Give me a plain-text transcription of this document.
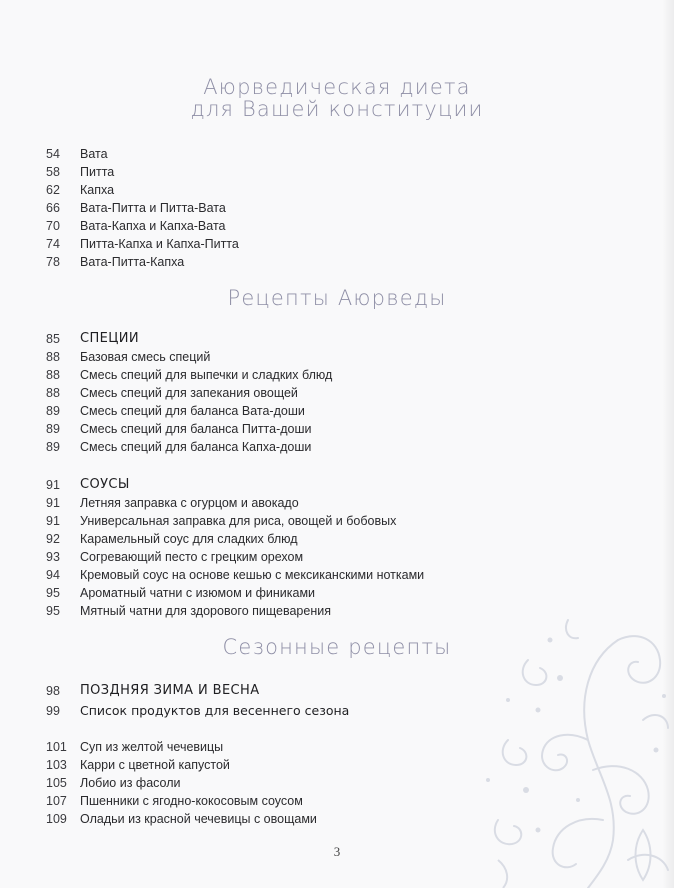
Аюрведическая диета
для Вашей конституции
54	Вата
58	Питта
62	Капха
66	Вата-Питта и Питта-Вата
70	Вата-Капха и Капха-Вата
74	Питта-Капха и Капха-Питта
78	Вата-Питта-Капха
Рецепты Аюрведы
85	СПЕЦИИ
88	Базовая смесь специй
88	Смесь специй для выпечки и сладких блюд
88	Смесь специй для запекания овощей
89	Смесь специй для баланса Вата-доши
89	Смесь специй для баланса Питта-доши
89	Смесь специй для баланса Капха-доши
91	СОУСЫ
91	Летняя заправка с огурцом и авокадо
91	Универсальная заправка для риса, овощей и бобовых
92	Карамельный соус для сладких блюд
93	Согревающий песто с грецким орехом
94	Кремовый соус на основе кешью с мексиканскими нотками
95	Ароматный чатни с изюмом и финиками
95	Мятный чатни для здорового пищеварения
Сезонные рецепты
98	ПОЗДНЯЯ ЗИМА И ВЕСНА
99	Список продуктов для весеннего сезона
101	Суп из желтой чечевицы
103	Карри с цветной капустой
105	Лобио из фасоли
107	Пшенники с ягодно-кокосовым соусом
109	Оладьи из красной чечевицы с овощами
3
